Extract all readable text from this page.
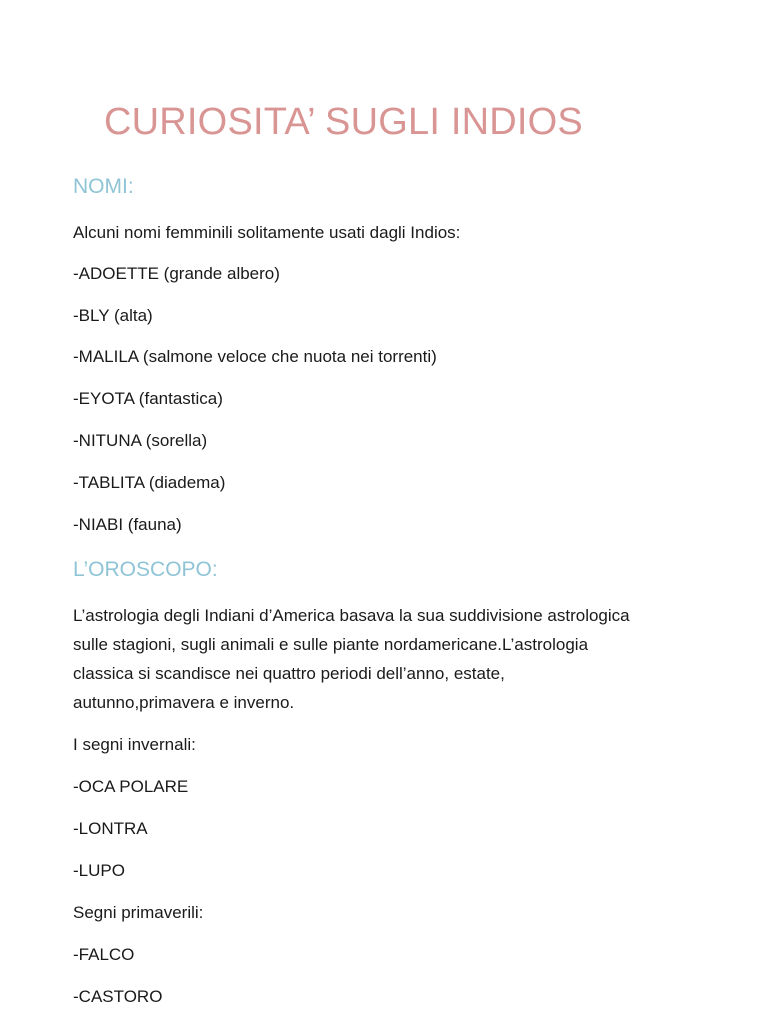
CURIOSITA’ SUGLI INDIOS
NOMI:

Alcuni nomi femminili solitamente usati dagli Indios:

-ADOETTE (grande albero)

-BLY (alta)

-MALILA (salmone veloce che nuota nei torrenti)

-EYOTA (fantastica)

-NITUNA (sorella)

-TABLITA (diadema)

-NIABI (fauna)

L’OROSCOPO:
L’astrologia degli Indiani d’America basava la sua suddivisione astrologica
sulle stagioni, sugli animali e sulle piante nordamericane.L’astrologia
classica si scandisce nei quattro periodi dell’anno, estate,
autunno,primavera e inverno.

I segni invernali:

-OCA POLARE

-LONTRA

-LUPO

Segni primaverili:

-FALCO

-CASTORO
